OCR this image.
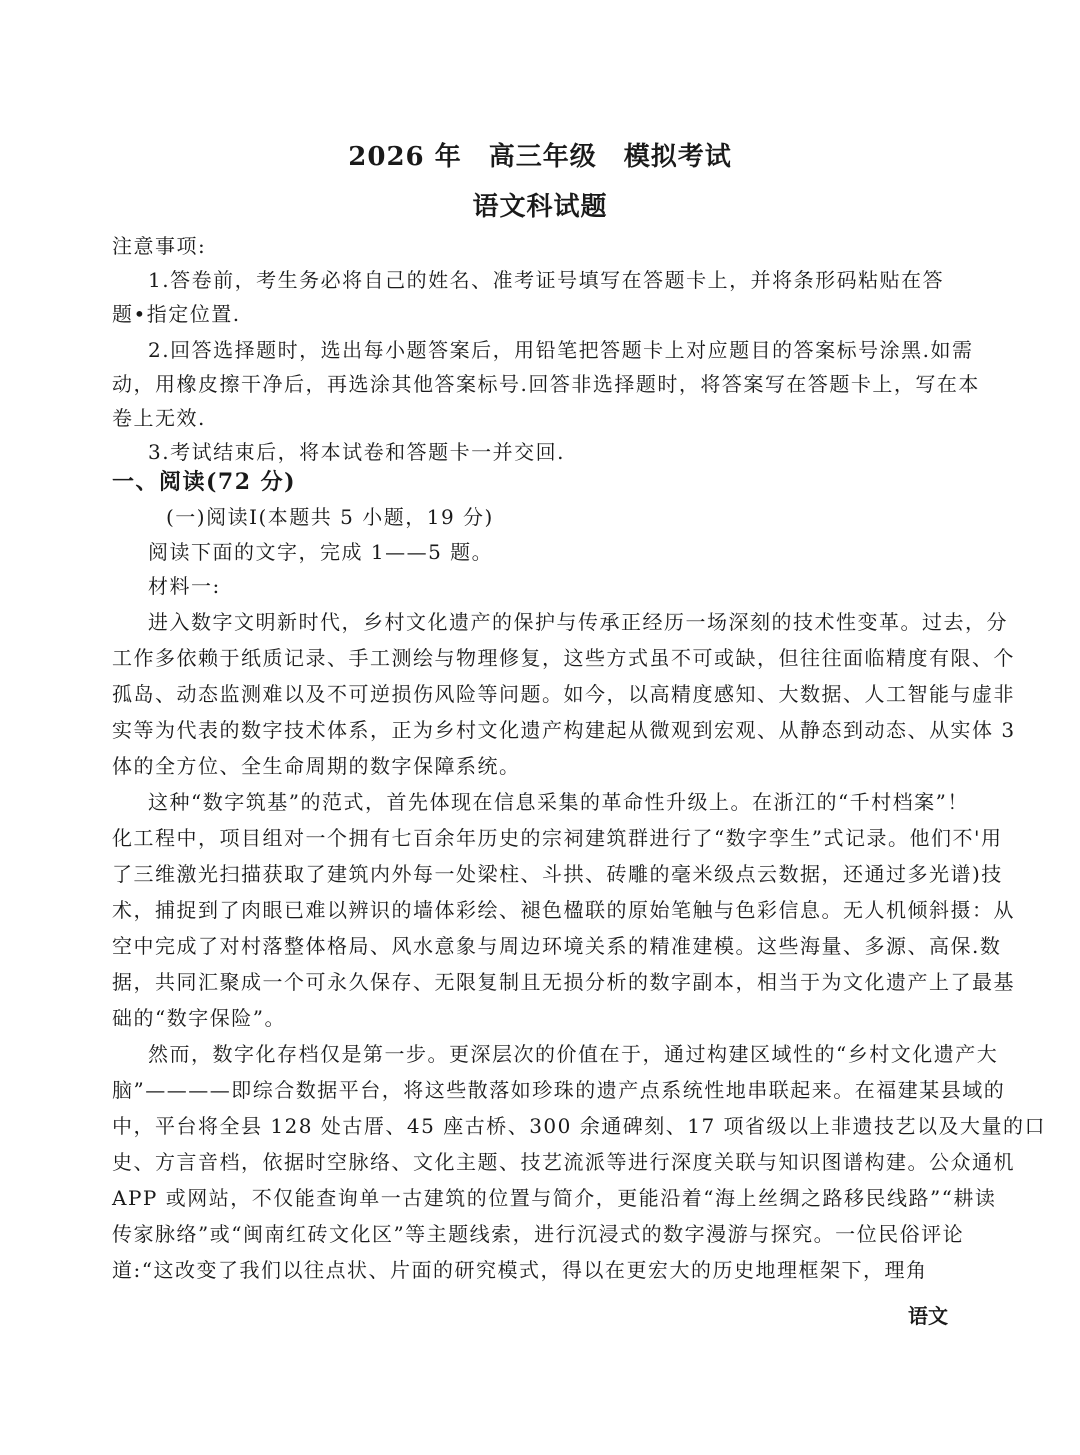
2026 年　高三年级　模拟考试
语文科试题
注意事项:
1.答卷前，考生务必将自己的姓名、准考证号填写在答题卡上，并将条形码粘贴在答
题•指定位置.
2.回答选择题时，选出每小题答案后，用铅笔把答题卡上对应题目的答案标号涂黑.如需
动，用橡皮擦干净后，再选涂其他答案标号.回答非选择题时，将答案写在答题卡上，写在本
卷上无效.
3.考试结束后，将本试卷和答题卡一并交回.
一、阅读(72 分)
(一)阅读Ⅰ(本题共 5 小题，19 分)
阅读下面的文字，完成 1——5 题。
材料一:
进入数字文明新时代，乡村文化遗产的保护与传承正经历一场深刻的技术性变革。过去，分
工作多依赖于纸质记录、手工测绘与物理修复，这些方式虽不可或缺，但往往面临精度有限、个
孤岛、动态监测难以及不可逆损伤风险等问题。如今，以高精度感知、大数据、人工智能与虚非
实等为代表的数字技术体系，正为乡村文化遗产构建起从微观到宏观、从静态到动态、从实体 3
体的全方位、全生命周期的数字保障系统。
这种“数字筑基”的范式，首先体现在信息采集的革命性升级上。在浙江的“千村档案”！
化工程中，项目组对一个拥有七百余年历史的宗祠建筑群进行了“数字孪生”式记录。他们不'用
了三维激光扫描获取了建筑内外每一处梁柱、斗拱、砖雕的毫米级点云数据，还通过多光谱)技
术，捕捉到了肉眼已难以辨识的墙体彩绘、褪色楹联的原始笔触与色彩信息。无人机倾斜摄：从
空中完成了对村落整体格局、风水意象与周边环境关系的精准建模。这些海量、多源、高保.数
据，共同汇聚成一个可永久保存、无限复制且无损分析的数字副本，相当于为文化遗产上了最基
础的“数字保险”。
然而，数字化存档仅是第一步。更深层次的价值在于，通过构建区域性的“乡村文化遗产大
脑”————即综合数据平台，将这些散落如珍珠的遗产点系统性地串联起来。在福建某县域的
中，平台将全县 128 处古厝、45 座古桥、300 余通碑刻、17 项省级以上非遗技艺以及大量的口
史、方言音档，依据时空脉络、文化主题、技艺流派等进行深度关联与知识图谱构建。公众通机
APP 或网站，不仅能查询单一古建筑的位置与简介，更能沿着“海上丝绸之路移民线路”“耕读
传家脉络”或“闽南红砖文化区”等主题线索，进行沉浸式的数字漫游与探究。一位民俗评论
道:“这改变了我们以往点状、片面的研究模式，得以在更宏大的历史地理框架下，理角
语文
